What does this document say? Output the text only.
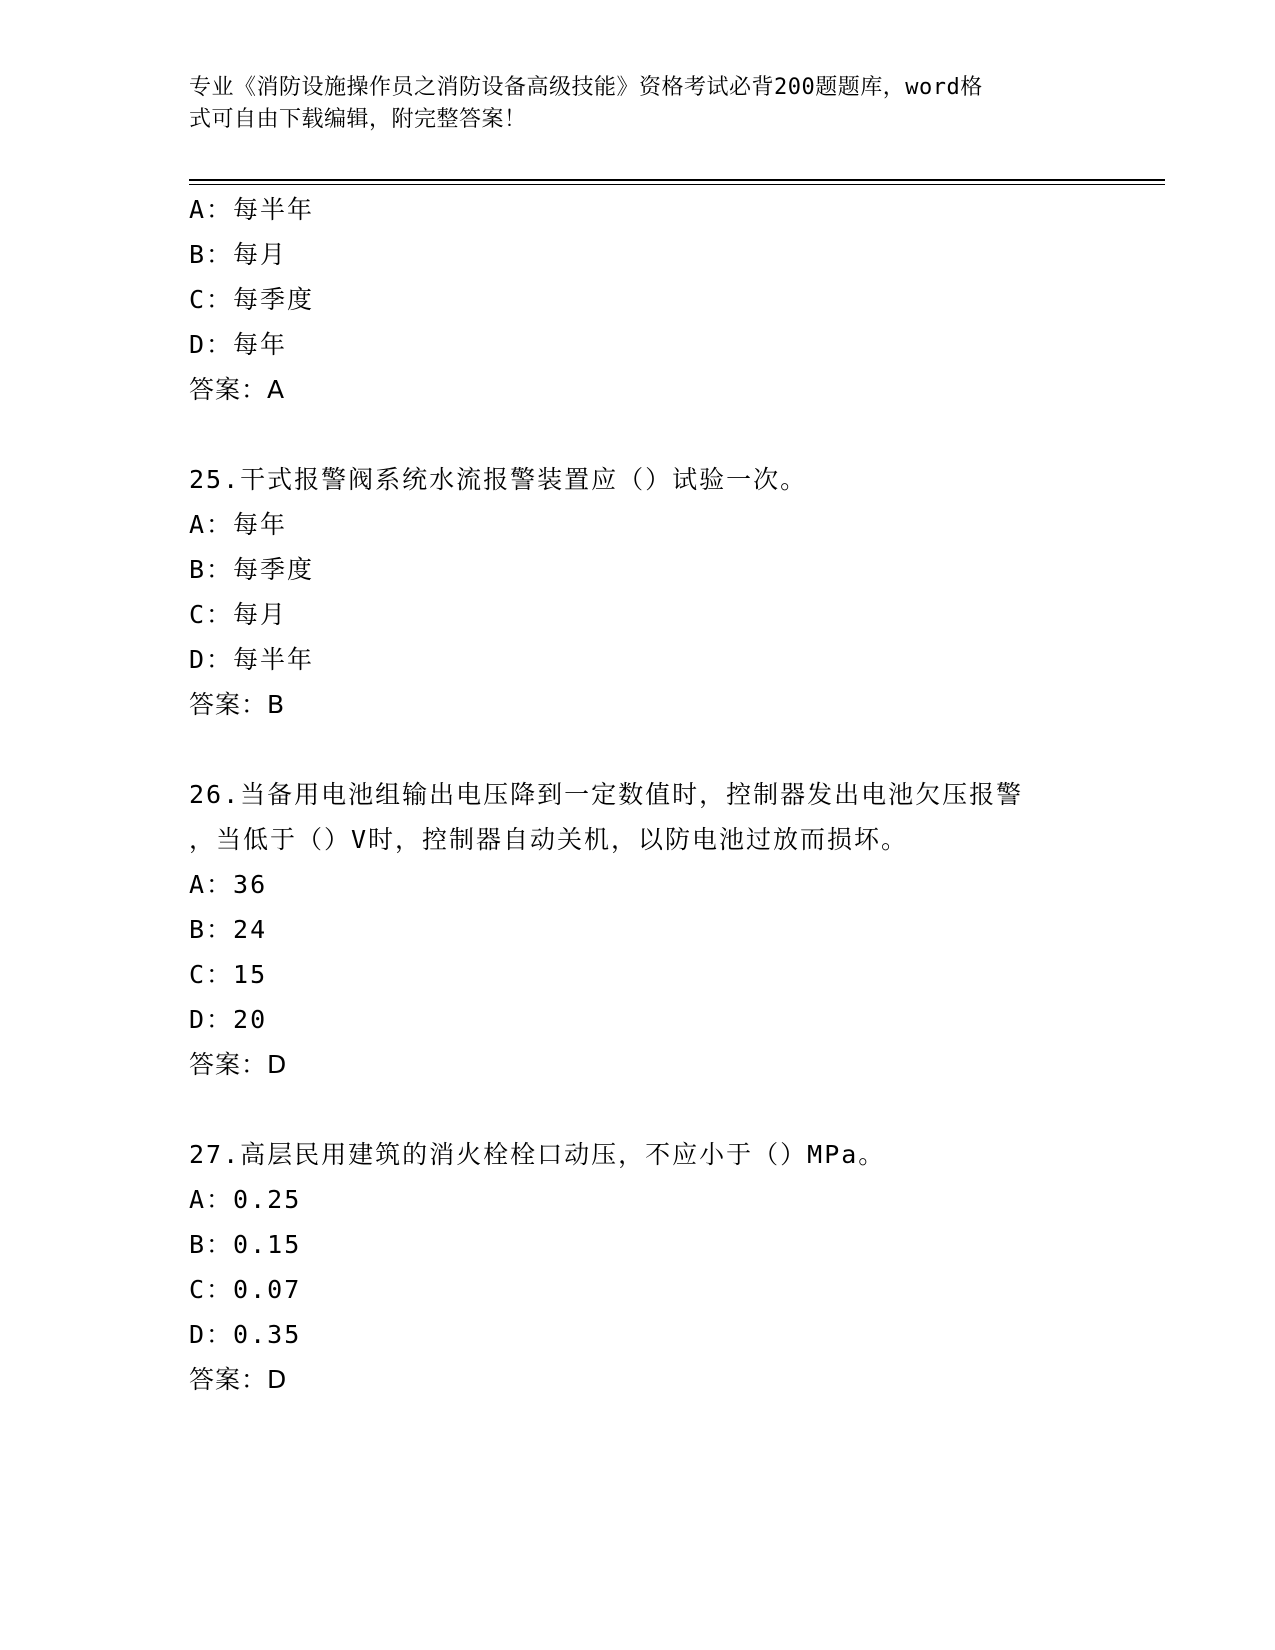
专业《消防设施操作员之消防设备高级技能》资格考试必背200题题库，word格
式可自由下载编辑，附完整答案！
A：每半年
B：每月
C：每季度
D：每年
答案：A
25.干式报警阀系统水流报警装置应（）试验一次。
A：每年
B：每季度
C：每月
D：每半年
答案：B
26.当备用电池组输出电压降到一定数值时，控制器发出电池欠压报警
，当低于（）V时，控制器自动关机，以防电池过放而损坏。
A：36
B：24
C：15
D：20
答案：D
27.高层民用建筑的消火栓栓口动压，不应小于（）MPa。
A：0.25
B：0.15
C：0.07
D：0.35
答案：D
